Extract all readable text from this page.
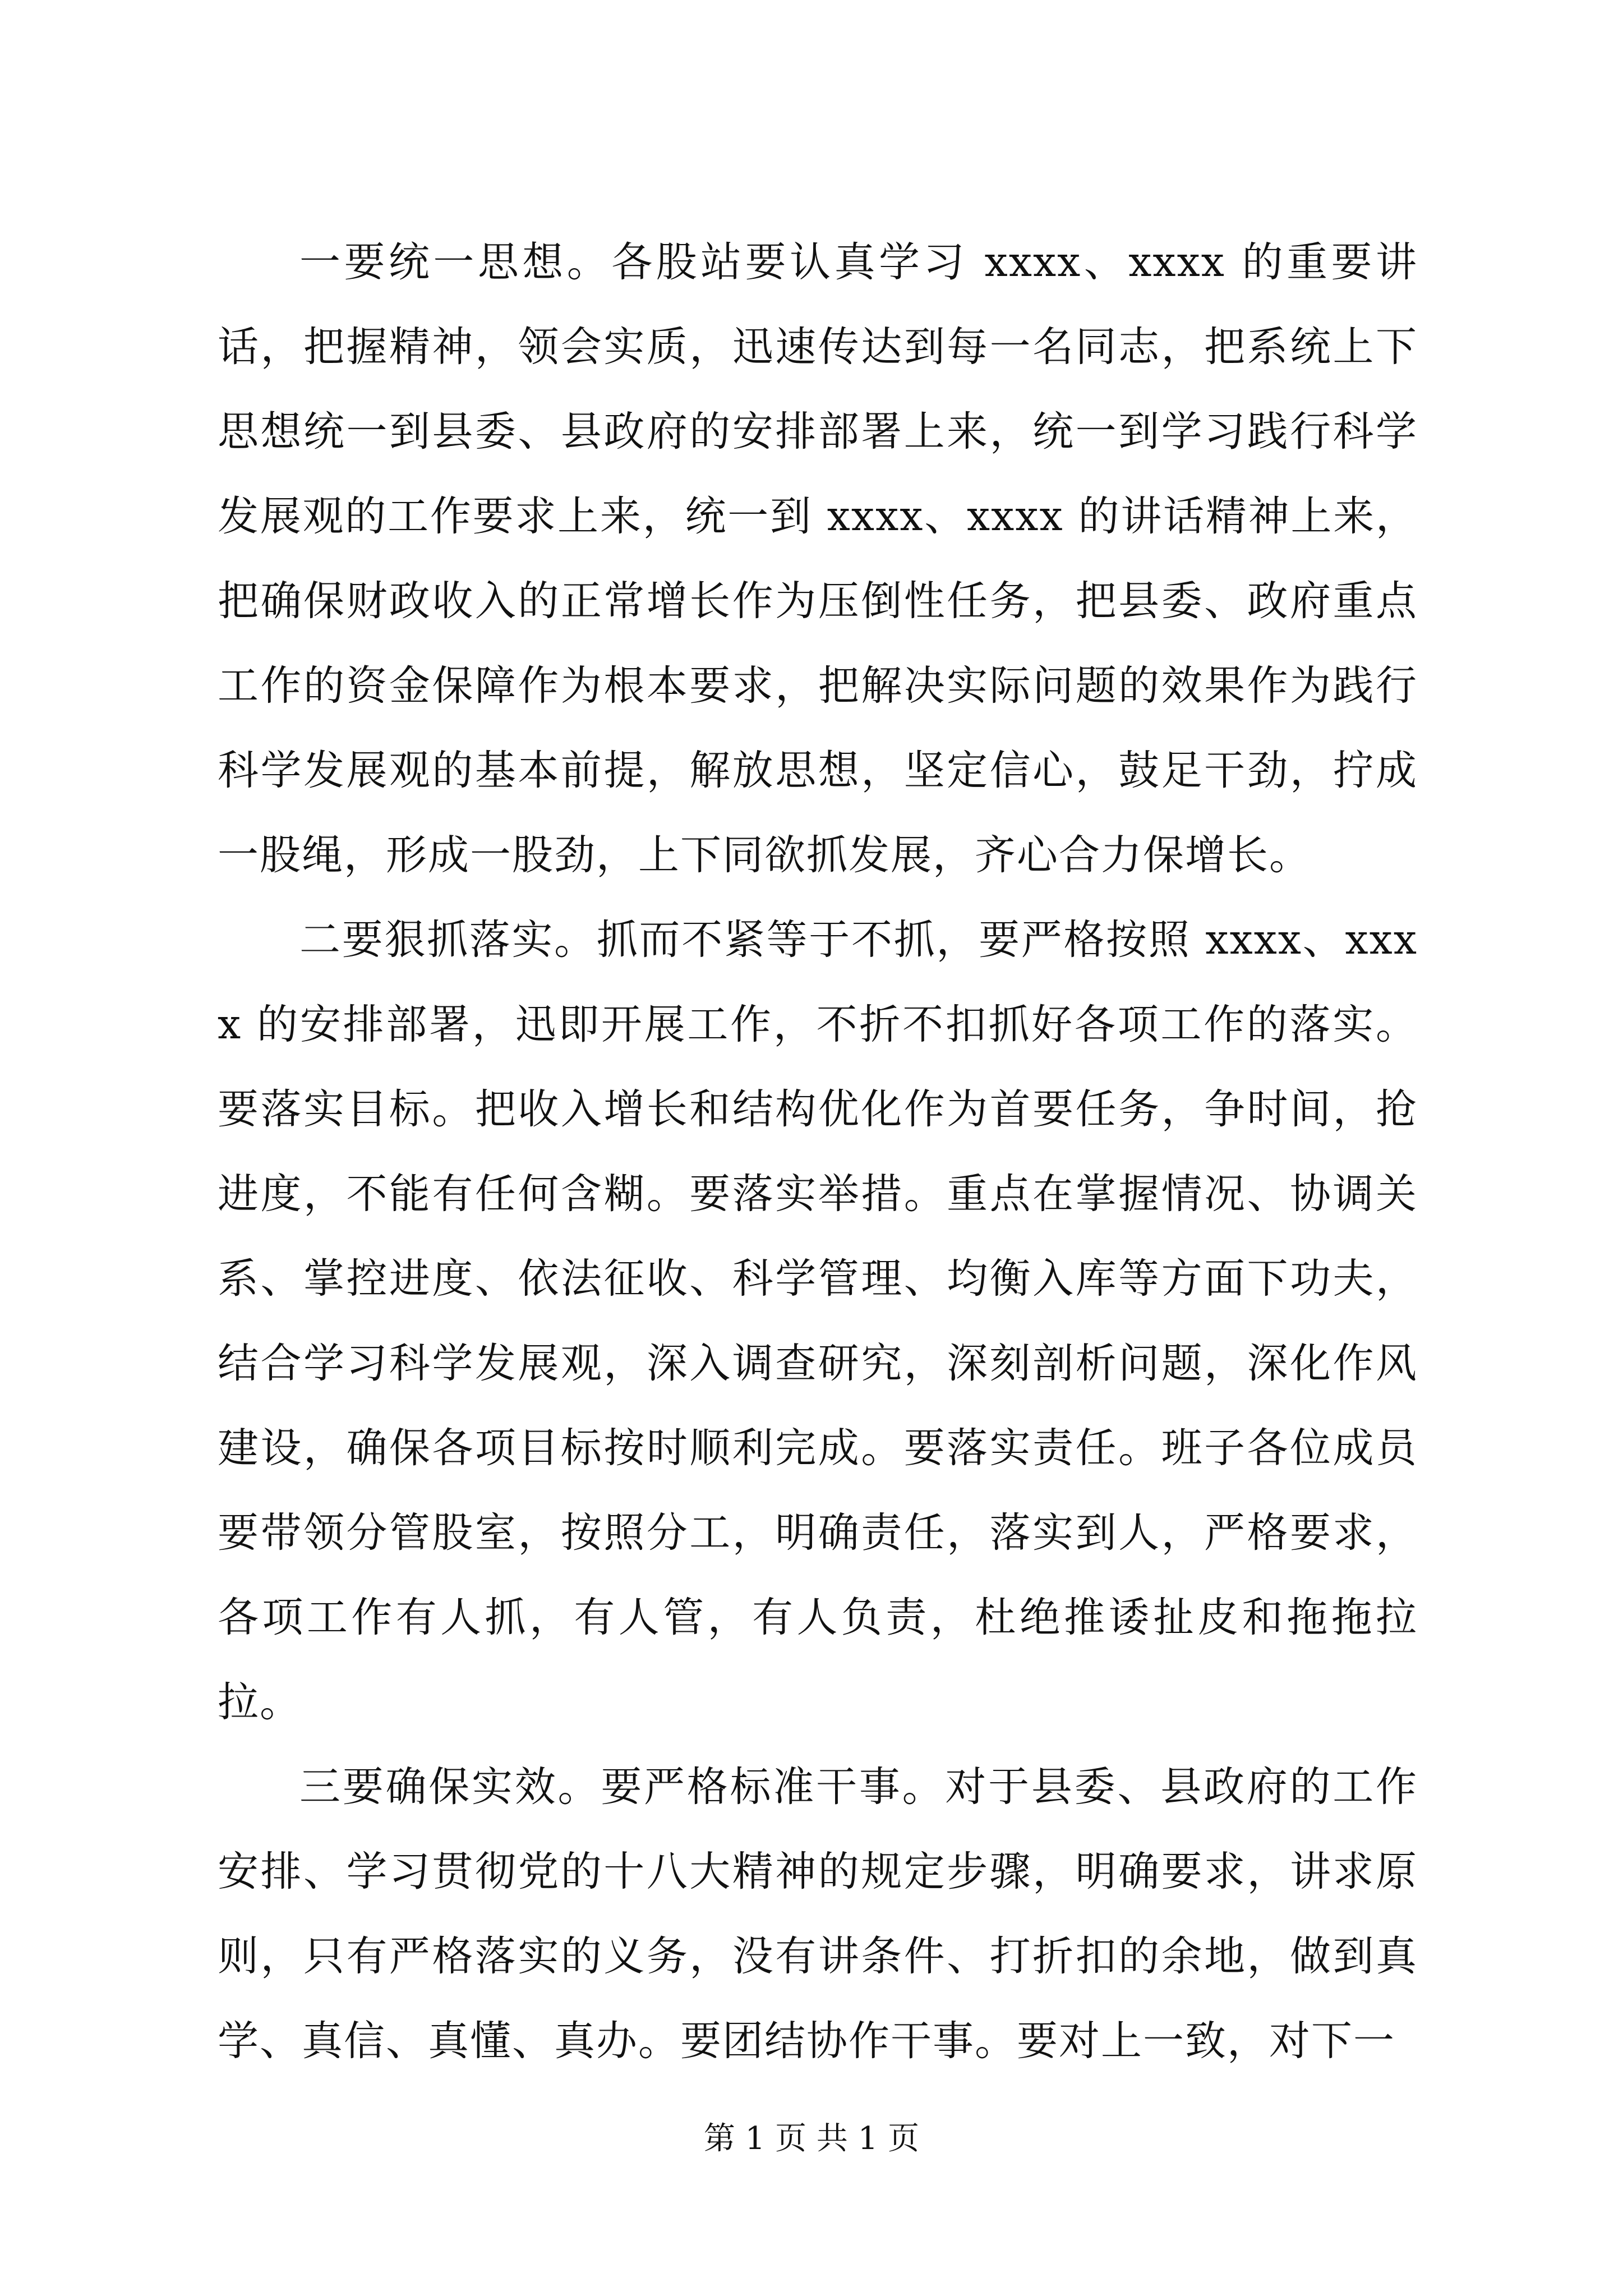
一要统一思想。各股站要认真学习 xxxx、xxxx 的重要讲话，把握精神，领会实质，迅速传达到每一名同志，把系统上下思想统一到县委、县政府的安排部署上来，统一到学习践行科学发展观的工作要求上来，统一到 xxxx、xxxx 的讲话精神上来，把确保财政收入的正常增长作为压倒性任务，把县委、政府重点工作的资金保障作为根本要求，把解决实际问题的效果作为践行科学发展观的基本前提，解放思想，坚定信心，鼓足干劲，拧成一股绳，形成一股劲，上下同欲抓发展，齐心合力保增长。

二要狠抓落实。抓而不紧等于不抓，要严格按照 xxxx、xxxx 的安排部署，迅即开展工作，不折不扣抓好各项工作的落实。要落实目标。把收入增长和结构优化作为首要任务，争时间，抢进度，不能有任何含糊。要落实举措。重点在掌握情况、协调关系、掌控进度、依法征收、科学管理、均衡入库等方面下功夫，结合学习科学发展观，深入调查研究，深刻剖析问题，深化作风建设，确保各项目标按时顺利完成。要落实责任。班子各位成员要带领分管股室，按照分工，明确责任，落实到人，严格要求，各项工作有人抓，有人管，有人负责，杜绝推诿扯皮和拖拖拉拉。

三要确保实效。要严格标准干事。对于县委、县政府的工作安排、学习贯彻党的十八大精神的规定步骤，明确要求，讲求原则，只有严格落实的义务，没有讲条件、打折扣的余地，做到真学、真信、真懂、真办。要团结协作干事。要对上一致，对下一

第 1 页 共 1 页
